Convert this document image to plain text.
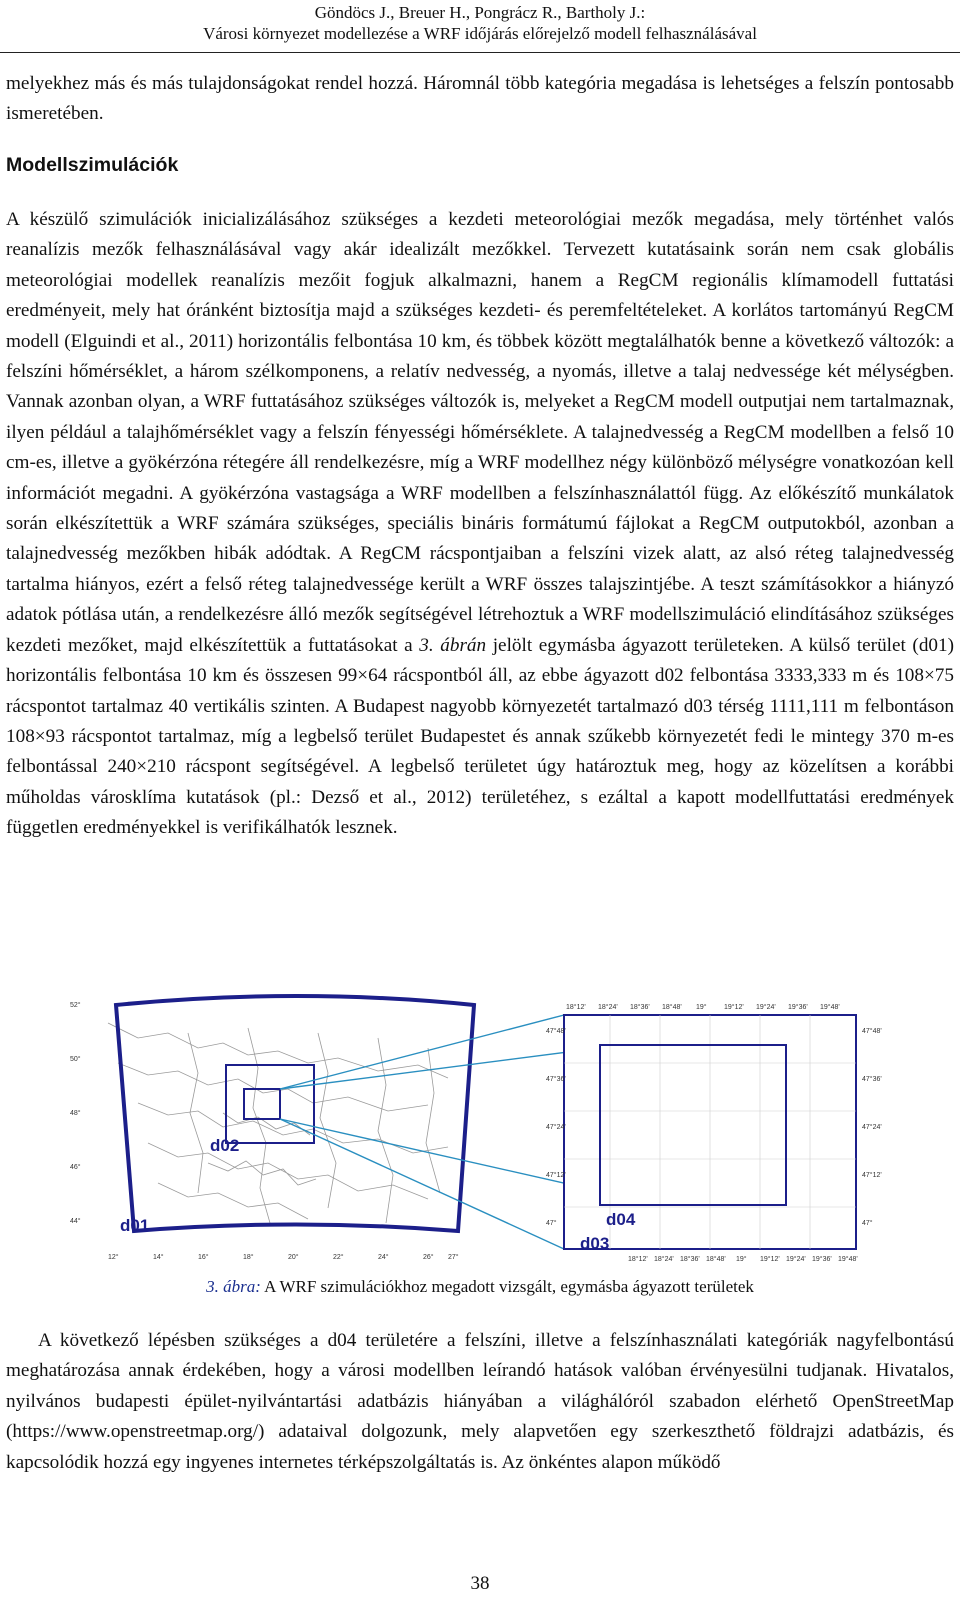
Göndöcs J., Breuer H., Pongrácz R., Bartholy J.:
Városi környezet modellezése a WRF időjárás előrejelző modell felhasználásával
melyekhez más és más tulajdonságokat rendel hozzá. Háromnál több kategória megadása is lehetséges a felszín pontosabb ismeretében.
Modellszimulációk
A készülő szimulációk inicializálásához szükséges a kezdeti meteorológiai mezők megadása, mely történhet valós reanalízis mezők felhasználásával vagy akár idealizált mezőkkel. Tervezett kutatásaink során nem csak globális meteorológiai modellek reanalízis mezőit fogjuk alkalmazni, hanem a RegCM regionális klímamodell futtatási eredményeit, mely hat óránként biztosítja majd a szükséges kezdeti- és peremfeltételeket. A korlátos tartományú RegCM modell (Elguindi et al., 2011) horizontális felbontása 10 km, és többek között megtalálhatók benne a következő változók: a felszíni hőmérséklet, a három szélkomponens, a relatív nedvesség, a nyomás, illetve a talaj nedvessége két mélységben. Vannak azonban olyan, a WRF futtatásához szükséges változók is, melyeket a RegCM modell outputjai nem tartalmaznak, ilyen például a talajhőmérséklet vagy a felszín fényességi hőmérséklete. A talajnedvesség a RegCM modellben a felső 10 cm-es, illetve a gyökérzóna rétegére áll rendelkezésre, míg a WRF modellhez négy különböző mélységre vonatkozóan kell információt megadni. A gyökérzóna vastagsága a WRF modellben a felszínhasználattól függ. Az előkészítő munkálatok során elkészítettük a WRF számára szükséges, speciális bináris formátumú fájlokat a RegCM outputokból, azonban a talajnedvesség mezőkben hibák adódtak. A RegCM rácspontjaiban a felszíni vizek alatt, az alsó réteg talajnedvesség tartalma hiányos, ezért a felső réteg talajnedvessége került a WRF összes talajszintjébe. A teszt számításokkor a hiányzó adatok pótlása után, a rendelkezésre álló mezők segítségével létrehoztuk a WRF modellszimuláció elindításához szükséges kezdeti mezőket, majd elkészítettük a futtatásokat a 3. ábrán jelölt egymásba ágyazott területeken. A külső terület (d01) horizontális felbontása 10 km és összesen 99×64 rácspontból áll, az ebbe ágyazott d02 felbontása 3333,333 m és 108×75 rácspontot tartalmaz 40 vertikális szinten. A Budapest nagyobb környezetét tartalmazó d03 térség 1111,111 m felbontáson 108×93 rácspontot tartalmaz, míg a legbelső terület Budapestet és annak szűkebb környezetét fedi le mintegy 370 m-es felbontással 240×210 rácspont segítségével. A legbelső területet úgy határoztuk meg, hogy az közelítsen a korábbi műholdas városklíma kutatások (pl.: Dezső et al., 2012) területéhez, s ezáltal a kapott modellfuttatási eredmények független eredményekkel is verifikálhatók lesznek.
d02
d01
52°
50°
48°
46°
44°
12°	14°	16°	18°	20°	22°	24°	26° 27°
d04
d03
47°48'
47°36'
47°24'
47°12'
47°
47°48'
47°36'
47°24'
47°12'
47°
18°12' 18°24' 18°36' 18°48' 19° 19°12' 19°24' 19°36' 19°48'
18°12' 18°24' 18°36' 18°48' 19° 19°12' 19°24' 19°36' 19°48'
3. ábra: A WRF szimulációkhoz megadott vizsgált, egymásba ágyazott területek
A következő lépésben szükséges a d04 területére a felszíni, illetve a felszínhasználati kategóriák nagyfelbontású meghatározása annak érdekében, hogy a városi modellben leírandó hatások valóban érvényesülni tudjanak. Hivatalos, nyilvános budapesti épület-nyilvántartási adatbázis hiányában a világhálóról szabadon elérhető OpenStreetMap (https://www.openstreetmap.org/) adataival dolgozunk, mely alapvetően egy szerkeszthető földrajzi adatbázis, és kapcsolódik hozzá egy ingyenes internetes térképszolgáltatás is. Az önkéntes alapon működő
38
